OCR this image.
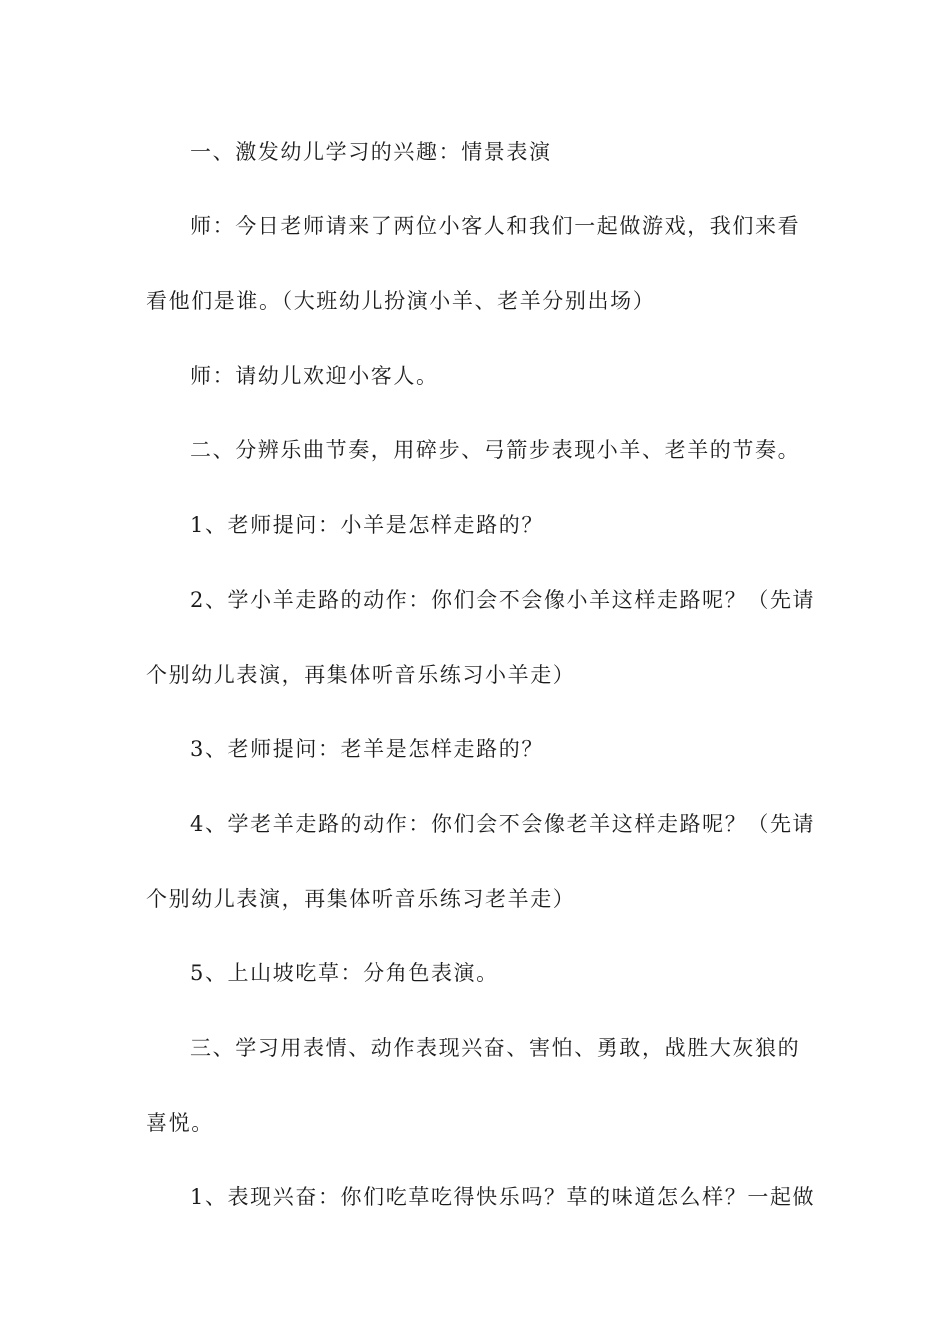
一、激发幼儿学习的兴趣：情景表演
师：今日老师请来了两位小客人和我们一起做游戏，我们来看
看他们是谁。（大班幼儿扮演小羊、老羊分别出场）
师：请幼儿欢迎小客人。
二、分辨乐曲节奏，用碎步、弓箭步表现小羊、老羊的节奏。
1、老师提问：小羊是怎样走路的？
2、学小羊走路的动作：你们会不会像小羊这样走路呢？（先请
个别幼儿表演，再集体听音乐练习小羊走）
3、老师提问：老羊是怎样走路的？
4、学老羊走路的动作：你们会不会像老羊这样走路呢？（先请
个别幼儿表演，再集体听音乐练习老羊走）
5、上山坡吃草：分角色表演。
三、学习用表情、动作表现兴奋、害怕、勇敢，战胜大灰狼的
喜悦。
1、表现兴奋：你们吃草吃得快乐吗？草的味道怎么样？一起做
